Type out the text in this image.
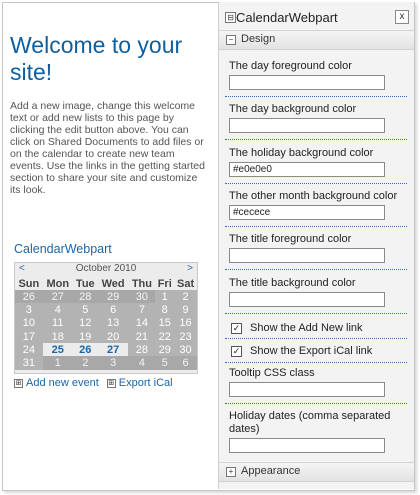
Welcome to your site!
Add a new image, change this welcome text or add new lists to this page by clicking the edit button above. You can click on Shared Documents to add files or on the calendar to create new team events. Use the links in the getting started section to share your site and customize its look.
CalendarWebpart
<	October 2010	>
Sun	Mon	Tue	Wed	Thu	Fri	Sat
26	27	28	29	30	1	2
3	4	5	6	7	8	9
10	11	12	13	14	15	16
17	18	19	20	21	22	23
24	25	26	27	28	29	30
31	1	2	3	4	5	6
⊞ Add new event ⊞ Export iCal
⊟ CalendarWebpart	x
− Design
The day foreground color
The day background color
The holiday background color
#e0e0e0
The other month background color
#cecece
The title foreground color
The title background color
✓ Show the Add New link
✓ Show the Export iCal link
Tooltip CSS class
Holiday dates (comma separated dates)
+ Appearance
